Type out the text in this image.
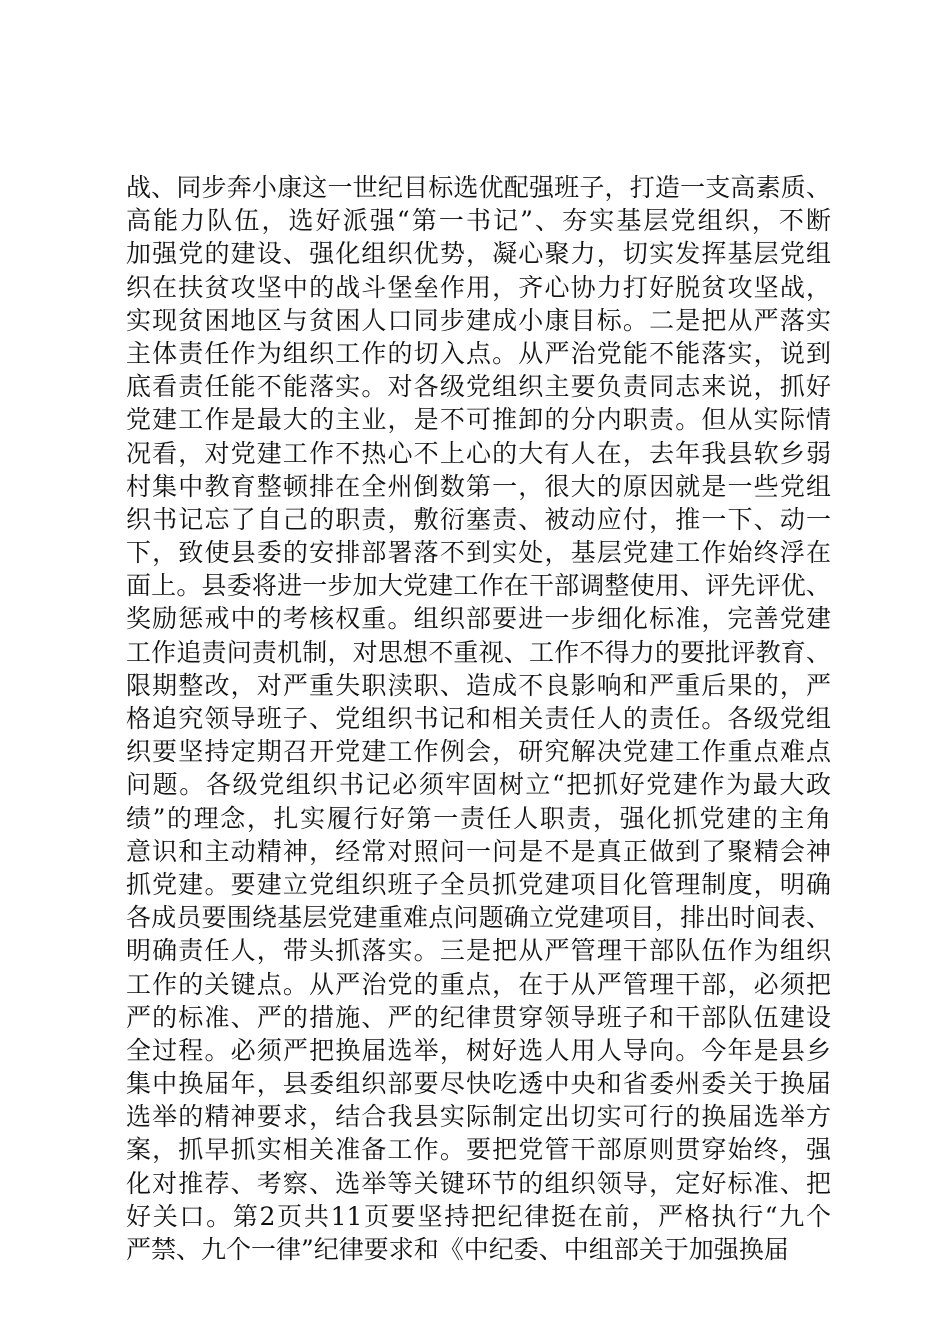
战、同步奔小康这一世纪目标选优配强班子，打造一支高素质、
高能力队伍，选好派强“第一书记”、夯实基层党组织，不断
加强党的建设、强化组织优势，凝心聚力，切实发挥基层党组
织在扶贫攻坚中的战斗堡垒作用，齐心协力打好脱贫攻坚战，
实现贫困地区与贫困人口同步建成小康目标。二是把从严落实
主体责任作为组织工作的切入点。从严治党能不能落实，说到
底看责任能不能落实。对各级党组织主要负责同志来说，抓好
党建工作是最大的主业，是不可推卸的分内职责。但从实际情
况看，对党建工作不热心不上心的大有人在，去年我县软乡弱
村集中教育整顿排在全州倒数第一，很大的原因就是一些党组
织书记忘了自己的职责，敷衍塞责、被动应付，推一下、动一
下，致使县委的安排部署落不到实处，基层党建工作始终浮在
面上。县委将进一步加大党建工作在干部调整使用、评先评优、
奖励惩戒中的考核权重。组织部要进一步细化标准，完善党建
工作追责问责机制，对思想不重视、工作不得力的要批评教育、
限期整改，对严重失职渎职、造成不良影响和严重后果的，严
格追究领导班子、党组织书记和相关责任人的责任。各级党组
织要坚持定期召开党建工作例会，研究解决党建工作重点难点
问题。各级党组织书记必须牢固树立“把抓好党建作为最大政
绩”的理念，扎实履行好第一责任人职责，强化抓党建的主角
意识和主动精神，经常对照问一问是不是真正做到了聚精会神
抓党建。要建立党组织班子全员抓党建项目化管理制度，明确
各成员要围绕基层党建重难点问题确立党建项目，排出时间表、
明确责任人，带头抓落实。三是把从严管理干部队伍作为组织
工作的关键点。从严治党的重点，在于从严管理干部，必须把
严的标准、严的措施、严的纪律贯穿领导班子和干部队伍建设
全过程。必须严把换届选举，树好选人用人导向。今年是县乡
集中换届年，县委组织部要尽快吃透中央和省委州委关于换届
选举的精神要求，结合我县实际制定出切实可行的换届选举方
案，抓早抓实相关准备工作。要把党管干部原则贯穿始终，强
化对推荐、考察、选举等关键环节的组织领导，定好标准、把
好关口。第2页共11页要坚持把纪律挺在前，严格执行“九个
严禁、九个一律”纪律要求和《中纪委、中组部关于加强换届
